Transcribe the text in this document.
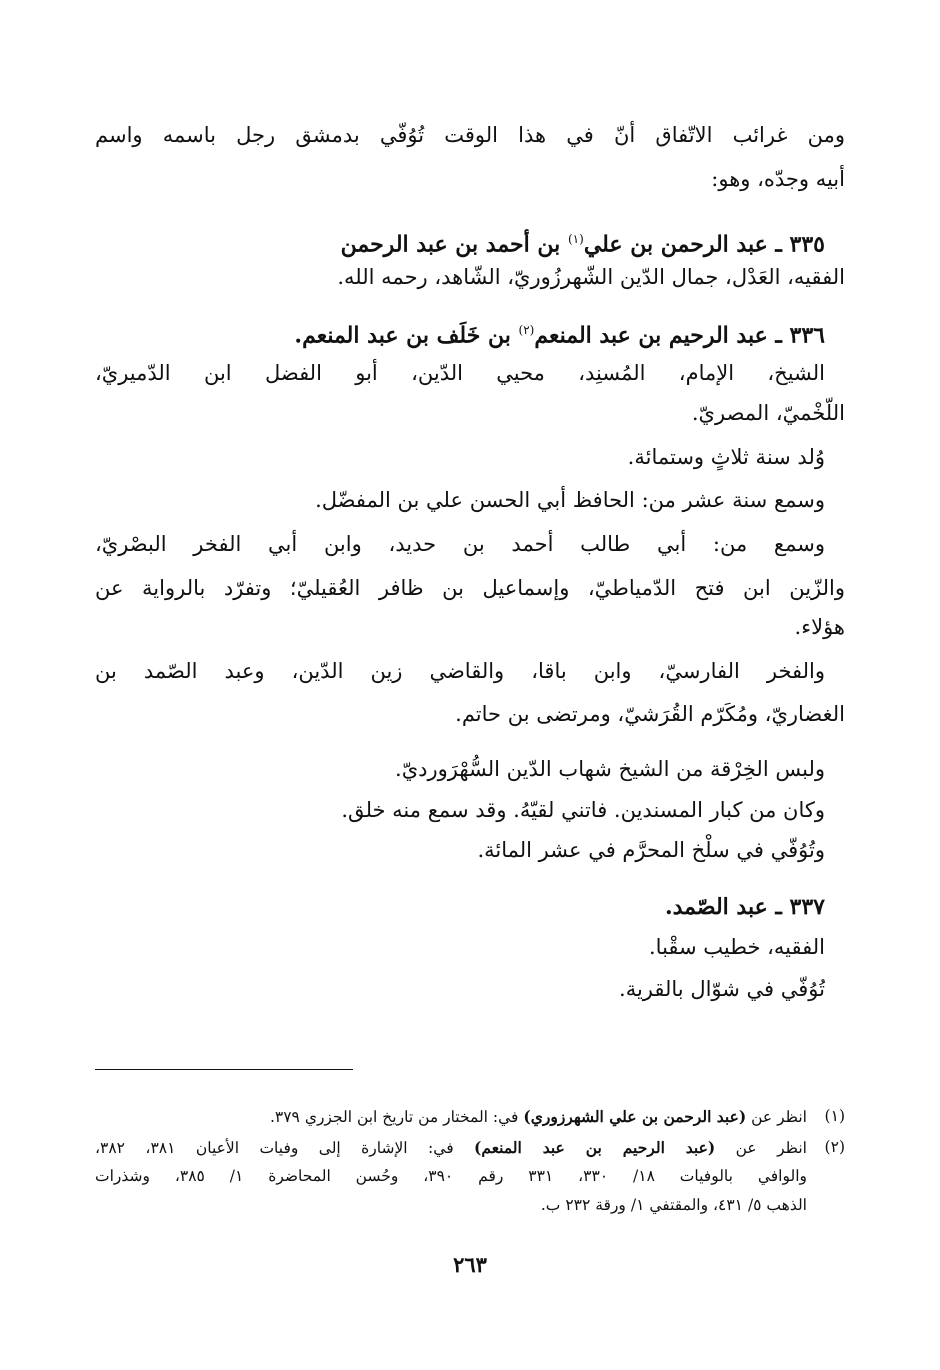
ومن غرائب الاتّفاق أنّ في هذا الوقت تُوُفّي بدمشق رجل باسمه واسم
أبيه وجدّه، وهو:
٣٣٥ ـ عبد الرحمن بن علي$^{(١)}$ بن أحمد بن عبد الرحمن
الفقيه، العَدْل، جمال الدّين الشّهرزُوريّ، الشّاهد، رحمه الله.
٣٣٦ ـ عبد الرحيم بن عبد المنعم$^{(٢)}$ بن خَلَف بن عبد المنعم.
الشيخ، الإمام، المُسنِد، محيي الدّين، أبو الفضل ابن الدّميريّ،
اللّخْميّ، المصريّ.
وُلد سنة ثلاثٍ وستمائة.
وسمع سنة عشر من: الحافظ أبي الحسن علي بن المفضّل.
وسمع من: أبي طالب أحمد بن حديد، وابن أبي الفخر البصْريّ،
والزّين ابن فتح الدّمياطيّ، وإسماعيل بن ظافر العُقيليّ؛ وتفرّد بالرواية عن
هؤلاء.
والفخر الفارسيّ، وابن باقا، والقاضي زين الدّين، وعبد الصّمد بن
الغضاريّ، ومُكَرّم القُرَشيّ، ومرتضى بن حاتم.
ولبس الخِرْقة من الشيخ شهاب الدّين السُّهْرَورديّ.
وكان من كبار المسندين. فاتني لقيّهُ. وقد سمع منه خلق.
وتُوُفّي في سلْخ المحرَّم في عشر المائة.
٣٣٧ ـ عبد الصّمد.
الفقيه، خطيب سقْبا.
تُوُفّي في شوّال بالقرية.
(١)
انظر عن (عبد الرحمن بن علي الشهرزوري) في: المختار من تاريخ ابن الجزري ٣٧٩.
(٢)
انظر عن (عبد الرحيم بن عبد المنعم) في: الإشارة إلى وفيات الأعيان ٣٨١، ٣٨٢،
والوافي بالوفيات ١٨/ ٣٣٠، ٣٣١ رقم ٣٩٠، وحُسن المحاضرة ١/ ٣٨٥، وشذرات
الذهب ٥/ ٤٣١، والمقتفي ١/ ورقة ٢٣٢ ب.
٢٦٣
